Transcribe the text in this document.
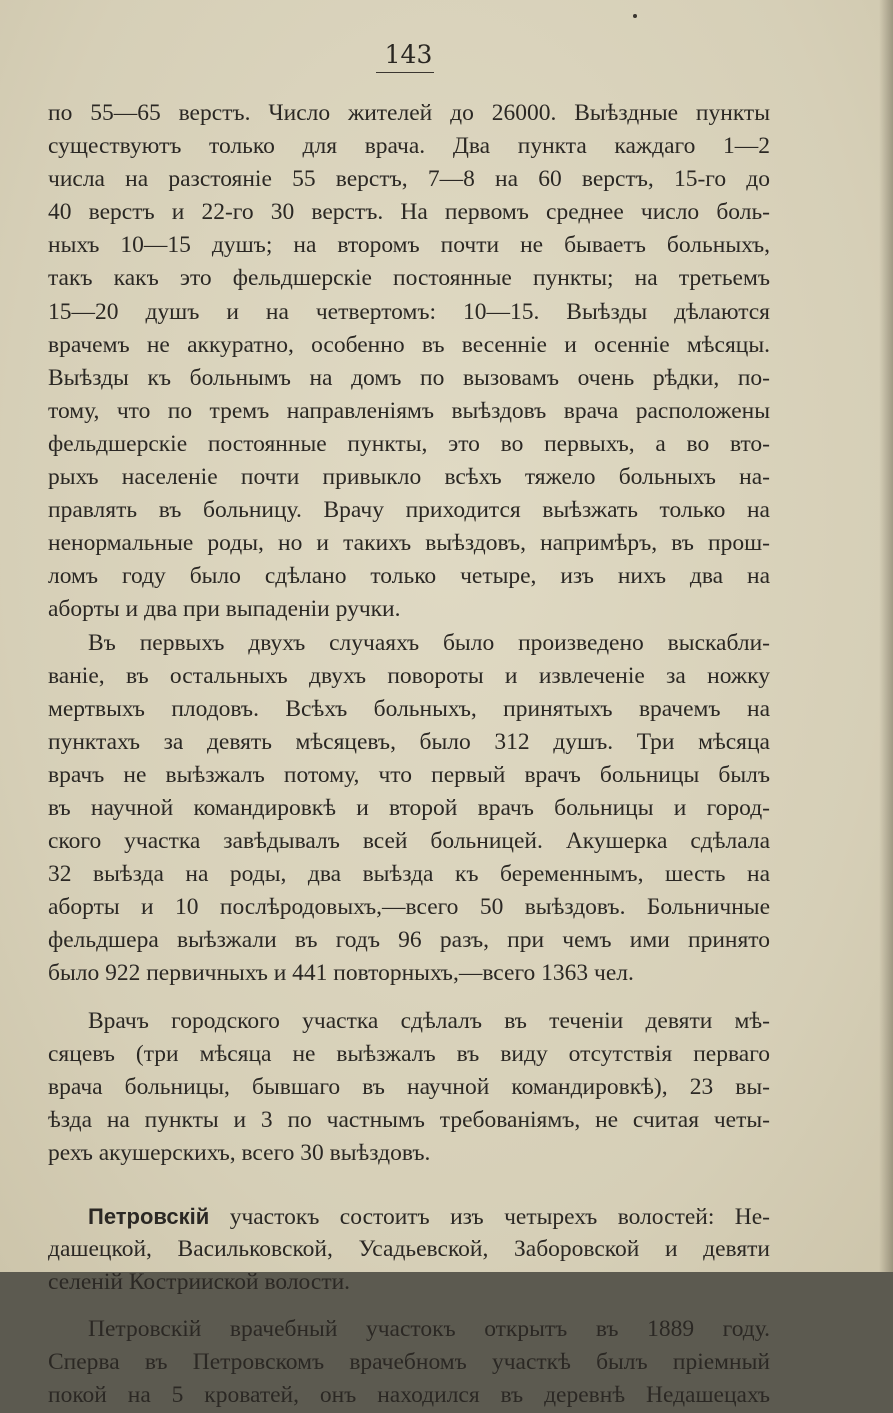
143
по 55—65 верстъ. Число жителей до 26000. Выѣздные пункты
существуютъ только для врача. Два пункта каждаго 1—2
числа на разстояніе 55 верстъ, 7—8 на 60 верстъ, 15-го до
40 верстъ и 22-го 30 верстъ. На первомъ среднее число боль-
ныхъ 10—15 душъ; на второмъ почти не бываетъ больныхъ,
такъ какъ это фельдшерскіе постоянные пункты; на третьемъ
15—20 душъ и на четвертомъ: 10—15. Выѣзды дѣлаются
врачемъ не аккуратно, особенно въ весенніе и осенніе мѣсяцы.
Выѣзды къ больнымъ на домъ по вызовамъ очень рѣдки, по-
тому, что по тремъ направленіямъ выѣздовъ врача расположены
фельдшерскіе постоянные пункты, это во первыхъ, а во вто-
рыхъ населеніе почти привыкло всѣхъ тяжело больныхъ на-
правлять въ больницу. Врачу приходится выѣзжать только на
ненормальные роды, но и такихъ выѣздовъ, напримѣръ, въ прош-
ломъ году было сдѣлано только четыре, изъ нихъ два на
аборты и два при выпаденіи ручки.
Въ первыхъ двухъ случаяхъ было произведено выскабли-
ваніе, въ остальныхъ двухъ повороты и извлеченіе за ножку
мертвыхъ плодовъ. Всѣхъ больныхъ, принятыхъ врачемъ на
пунктахъ за девять мѣсяцевъ, было 312 душъ. Три мѣсяца
врачъ не выѣзжалъ потому, что первый врачъ больницы былъ
въ научной командировкѣ и второй врачъ больницы и город-
ского участка завѣдывалъ всей больницей. Акушерка сдѣлала
32 выѣзда на роды, два выѣзда къ беременнымъ, шесть на
аборты и 10 послѣродовыхъ,—всего 50 выѣздовъ. Больничные
фельдшера выѣзжали въ годъ 96 разъ, при чемъ ими принято
было 922 первичныхъ и 441 повторныхъ,—всего 1363 чел.
Врачъ городского участка сдѣлалъ въ теченіи девяти мѣ-
сяцевъ (три мѣсяца не выѣзжалъ въ виду отсутствія перваго
врача больницы, бывшаго въ научной командировкѣ), 23 вы-
ѣзда на пункты и 3 по частнымъ требованіямъ, не считая четы-
рехъ акушерскихъ, всего 30 выѣздовъ.
Петровскій участокъ состоитъ изъ четырехъ волостей: Не-
дашецкой, Васильковской, Усадьевской, Заборовской и девяти
селеній Кострииской волости.
Петровскій врачебный участокъ открытъ въ 1889 году.
Сперва въ Петровскомъ врачебномъ участкѣ былъ пріемный
покой на 5 кроватей, онъ находился въ деревнѣ Недашецахъ
